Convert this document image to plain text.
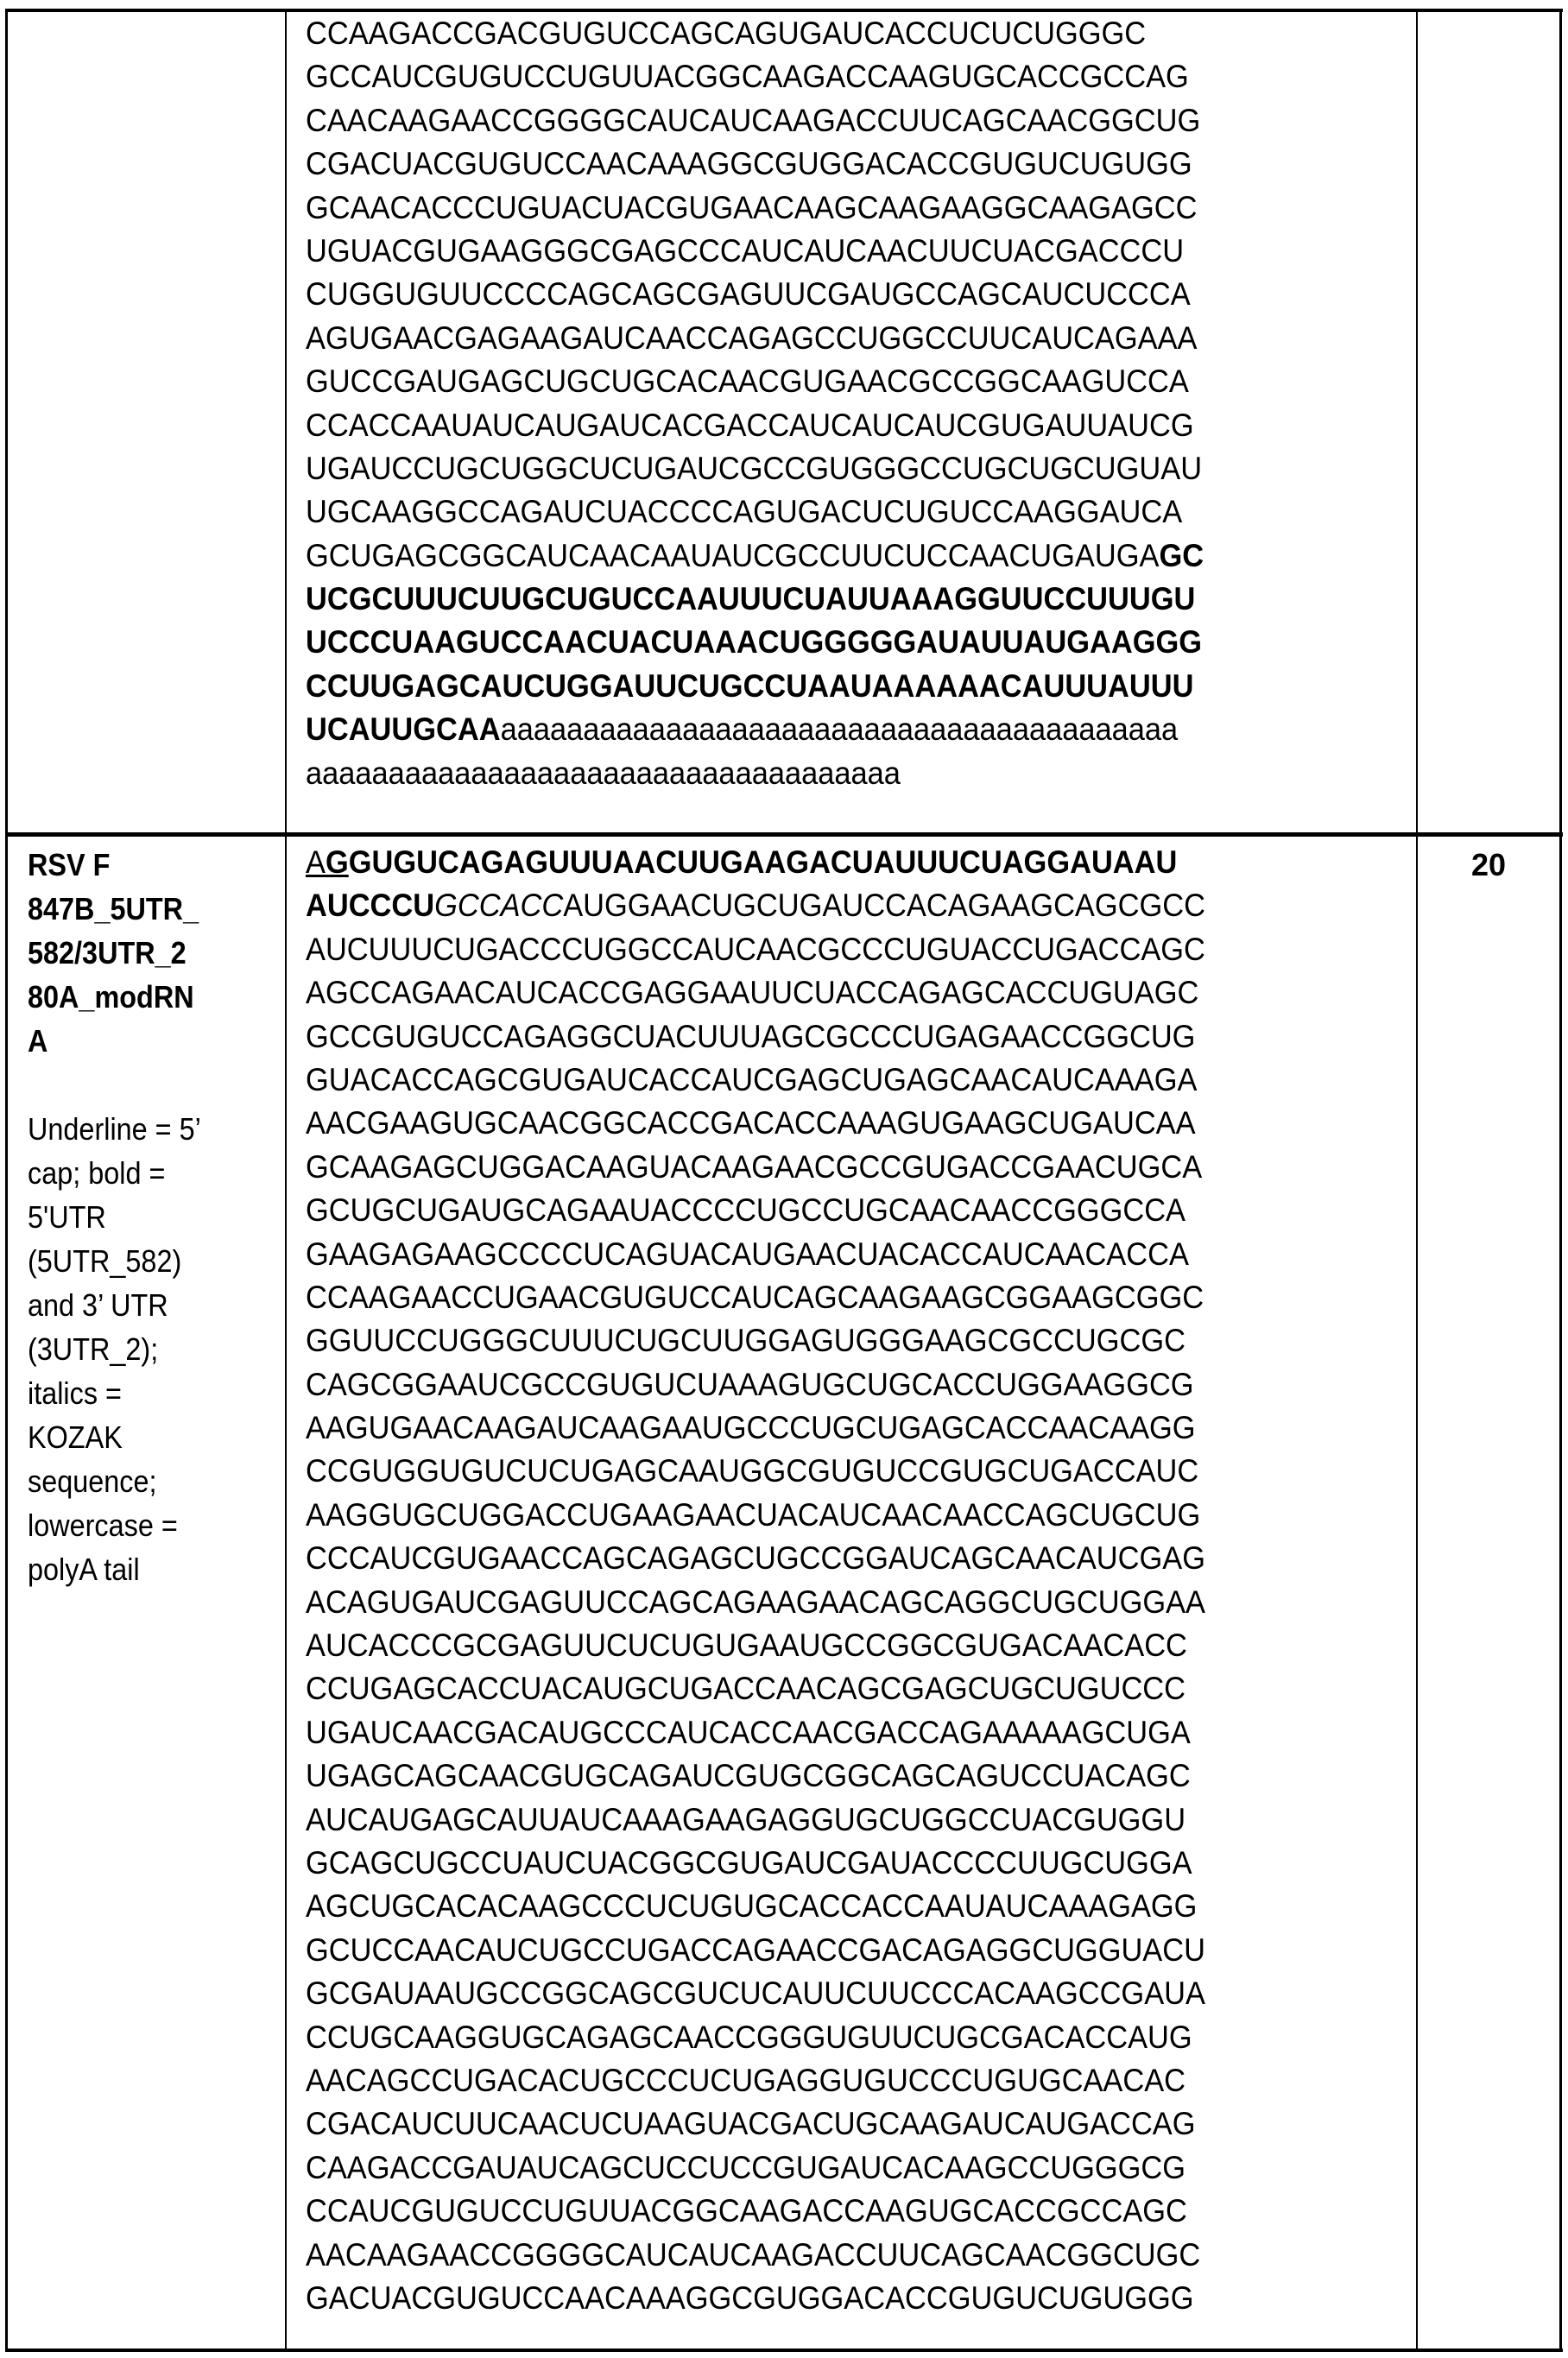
CCAAGACCGACGUGUCCAGCAGUGAUCACCUCUCUGGGC
GCCAUCGUGUCCUGUUACGGCAAGACCAAGUGCACCGCCAG
CAACAAGAACCGGGGCAUCAUCAAGACCUUCAGCAACGGCUG
CGACUACGUGUCCAACAAAGGCGUGGACACCGUGUCUGUGG
GCAACACCCUGUACUACGUGAACAAGCAAGAAGGCAAGAGCC
UGUACGUGAAGGGCGAGCCCAUCAUCAACUUCUACGACCCU
CUGGUGUUCCCCAGCAGCGAGUUCGAUGCCAGCAUCUCCCA
AGUGAACGAGAAGAUCAACCAGAGCCUGGCCUUCAUCAGAAA
GUCCGAUGAGCUGCUGCACAACGUGAACGCCGGCAAGUCCA
CCACCAAUAUCAUGAUCACGACCAUCAUCAUCGUGAUUAUCG
UGAUCCUGCUGGCUCUGAUCGCCGUGGGCCUGCUGCUGUAU
UGCAAGGCCAGAUCUACCCCAGUGACUCUGUCCAAGGAUCA
GCUGAGCGGCAUCAACAAUAUCGCCUUCUCCAACUGAUGAGC
UCGCUUUCUUGCUGUCCAAUUUCUAUUAAAGGUUCCUUUGU
UCCCUAAGUCCAACUACUAAACUGGGGGAUAUUAUGAAGGG
CCUUGAGCAUCUGGAUUCUGCCUAAUAAAAAACAUUUAUUU
UCAUUGCAAaaaaaaaaaaaaaaaaaaaaaaaaaaaaaaaaaaaaaaaaa
aaaaaaaaaaaaaaaaaaaaaaaaaaaaaaaaaaaa
RSV F
847B_5UTR_
582/3UTR_2
80A_modRN
A
Underline = 5’
cap; bold =
5'UTR
(5UTR_582)
and 3’ UTR
(3UTR_2);
italics =
KOZAK
sequence;
lowercase =
polyA tail
AGGUGUCAGAGUUUAACUUGAAGACUAUUUCUAGGAUAAU
AUCCCUGCCACCAUGGAACUGCUGAUCCACAGAAGCAGCGCC
AUCUUUCUGACCCUGGCCAUCAACGCCCUGUACCUGACCAGC
AGCCAGAACAUCACCGAGGAAUUCUACCAGAGCACCUGUAGC
GCCGUGUCCAGAGGCUACUUUAGCGCCCUGAGAACCGGCUG
GUACACCAGCGUGAUCACCAUCGAGCUGAGCAACAUCAAAGA
AACGAAGUGCAACGGCACCGACACCAAAGUGAAGCUGAUCAA
GCAAGAGCUGGACAAGUACAAGAACGCCGUGACCGAACUGCA
GCUGCUGAUGCAGAAUACCCCUGCCUGCAACAACCGGGCCA
GAAGAGAAGCCCCUCAGUACAUGAACUACACCAUCAACACCA
CCAAGAACCUGAACGUGUCCAUCAGCAAGAAGCGGAAGCGGC
GGUUCCUGGGCUUUCUGCUUGGAGUGGGAAGCGCCUGCGC
CAGCGGAAUCGCCGUGUCUAAAGUGCUGCACCUGGAAGGCG
AAGUGAACAAGAUCAAGAAUGCCCUGCUGAGCACCAACAAGG
CCGUGGUGUCUCUGAGCAAUGGCGUGUCCGUGCUGACCAUC
AAGGUGCUGGACCUGAAGAACUACAUCAACAACCAGCUGCUG
CCCAUCGUGAACCAGCAGAGCUGCCGGAUCAGCAACAUCGAG
ACAGUGAUCGAGUUCCAGCAGAAGAACAGCAGGCUGCUGGAA
AUCACCCGCGAGUUCUCUGUGAAUGCCGGCGUGACAACACC
CCUGAGCACCUACAUGCUGACCAACAGCGAGCUGCUGUCCC
UGAUCAACGACAUGCCCAUCACCAACGACCAGAAAAAGCUGA
UGAGCAGCAACGUGCAGAUCGUGCGGCAGCAGUCCUACAGC
AUCAUGAGCAUUAUCAAAGAAGAGGUGCUGGCCUACGUGGU
GCAGCUGCCUAUCUACGGCGUGAUCGAUACCCCUUGCUGGA
AGCUGCACACAAGCCCUCUGUGCACCACCAAUAUCAAAGAGG
GCUCCAACAUCUGCCUGACCAGAACCGACAGAGGCUGGUACU
GCGAUAAUGCCGGCAGCGUCUCAUUCUUCCCACAAGCCGAUA
CCUGCAAGGUGCAGAGCAACCGGGUGUUCUGCGACACCAUG
AACAGCCUGACACUGCCCUCUGAGGUGUCCCUGUGCAACAC
CGACAUCUUCAACUCUAAGUACGACUGCAAGAUCAUGACCAG
CAAGACCGAUAUCAGCUCCUCCGUGAUCACAAGCCUGGGCG
CCAUCGUGUCCUGUUACGGCAAGACCAAGUGCACCGCCAGC
AACAAGAACCGGGGCAUCAUCAAGACCUUCAGCAACGGCUGC
GACUACGUGUCCAACAAAGGCGUGGACACCGUGUCUGUGGG
20
